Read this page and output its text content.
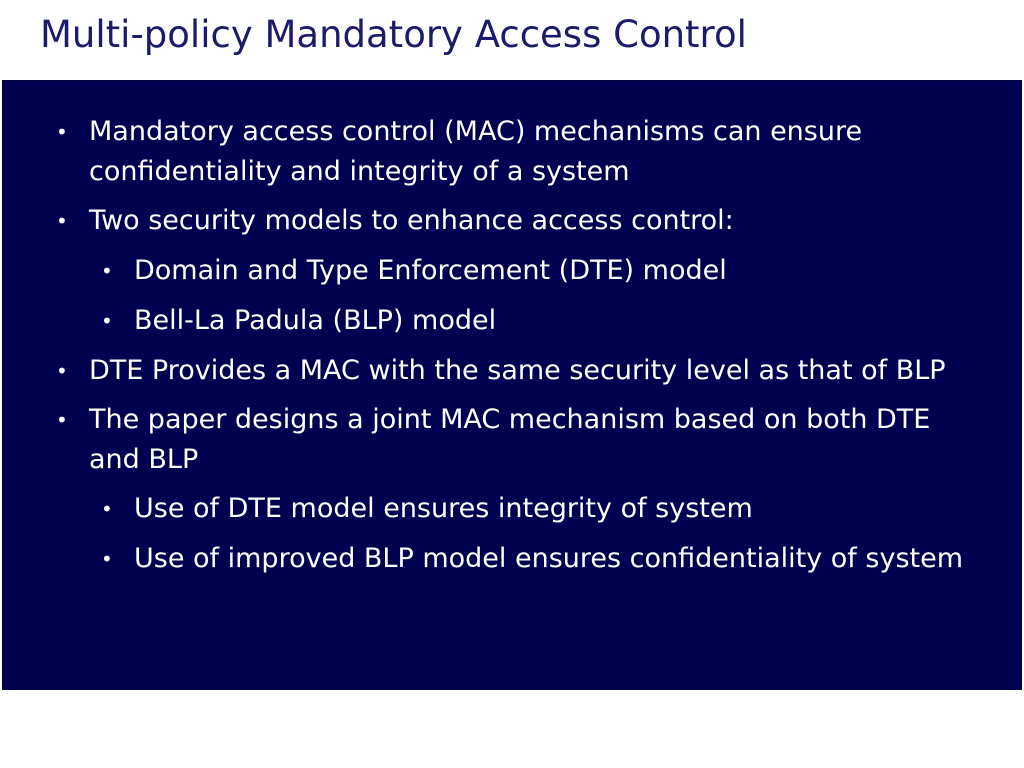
Multi-policy Mandatory Access Control
• Mandatory access control (MAC) mechanisms can ensure confidentiality and integrity of a system
• Two security models to enhance access control:
• Domain and Type Enforcement (DTE) model
• Bell-La Padula (BLP) model
• DTE Provides a MAC with the same security level as that of BLP
• The paper designs a joint MAC mechanism based on both DTE and BLP
• Use of DTE model ensures integrity of system
• Use of improved BLP model ensures confidentiality of system
